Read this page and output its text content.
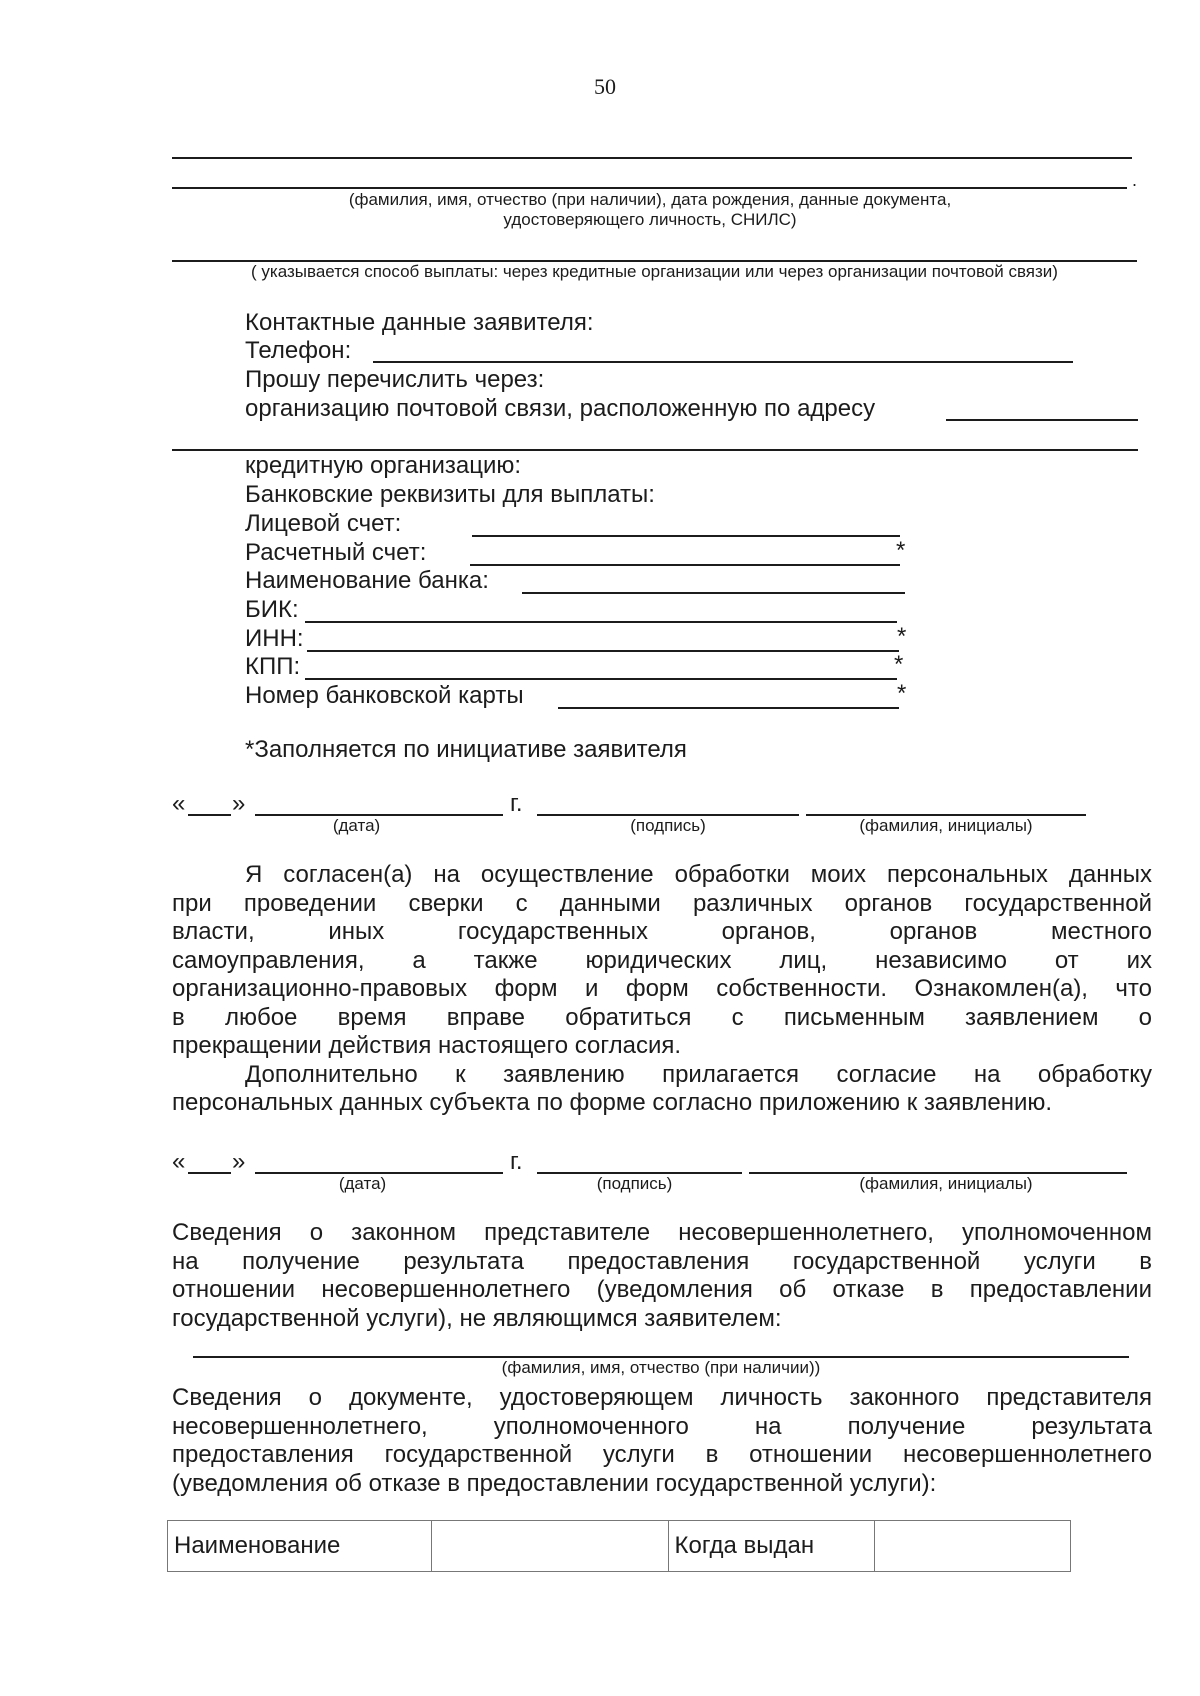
50
.
(фамилия, имя, отчество (при наличии), дата рождения, данные документа, удостоверяющего личность, СНИЛС)
( указывается способ выплаты: через кредитные организации или через организации почтовой связи)
Контактные данные заявителя:
Телефон:
Прошу перечислить через:
организацию почтовой связи, расположенную по адресу
кредитную организацию:
Банковские реквизиты для выплаты:
Лицевой счет:
Расчетный счет:	*
Наименование банка:
БИК:
ИНН:	*
КПП:	*
Номер банковской карты	*
*Заполняется по инициативе заявителя
« »	г.
(дата)	(подпись)	(фамилия, инициалы)
Я согласен(а) на осуществление обработки моих персональных данных
при проведении сверки с данными различных органов государственной
власти, иных государственных органов, органов местного
самоуправления, а также юридических лиц, независимо от их
организационно-правовых форм и форм собственности. Ознакомлен(а), что
в любое время вправе обратиться с письменным заявлением о
прекращении действия настоящего согласия.
Дополнительно к заявлению прилагается согласие на обработку
персональных данных субъекта по форме согласно приложению к заявлению.
« »	г.
(дата)	(подпись)	(фамилия, инициалы)
Сведения о законном представителе несовершеннолетнего, уполномоченном
на получение результата предоставления государственной услуги в
отношении несовершеннолетнего (уведомления об отказе в предоставлении
государственной услуги), не являющимся заявителем:
(фамилия, имя, отчество (при наличии))
Сведения о документе, удостоверяющем личность законного представителя
несовершеннолетнего, уполномоченного на получение результата
предоставления государственной услуги в отношении несовершеннолетнего
(уведомления об отказе в предоставлении государственной услуги):
Наименование		Когда выдан	
